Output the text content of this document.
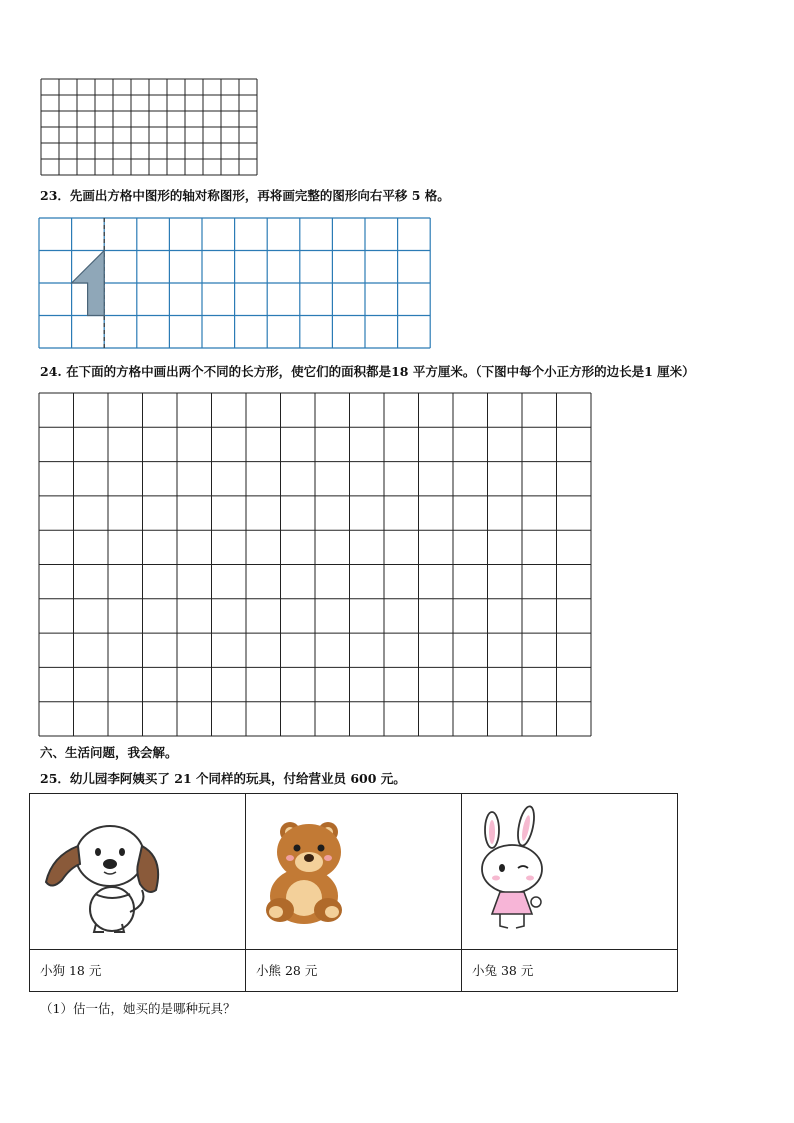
23．先画出方格中图形的轴对称图形，再将画完整的图形向右平移 5 格。
24. 在下面的方格中画出两个不同的长方形，使它们的面积都是18 平方厘米。（下图中每个小正方形的边长是1 厘米）
六、生活问题，我会解。
25．幼儿园李阿姨买了 21 个同样的玩具，付给营业员 600 元。
小狗 18 元	小熊 28 元	小兔 38 元
（1）估一估，她买的是哪种玩具？
